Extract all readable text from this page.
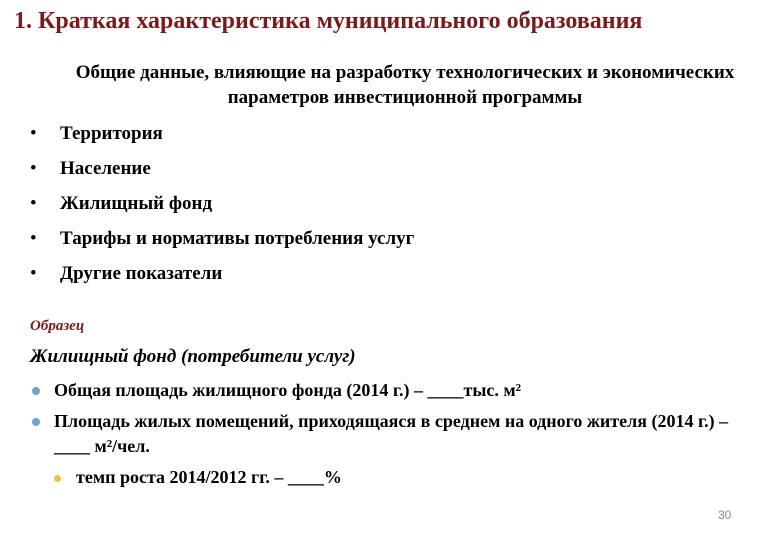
1. Краткая характеристика муниципального образования
Общие данные, влияющие на разработку технологических и экономических параметров инвестиционной программы
• Территория
• Население
• Жилищный фонд
• Тарифы и нормативы потребления услуг
• Другие показатели
Образец
Жилищный фонд (потребители услуг)
Общая площадь жилищного фонда (2014 г.) – ____тыс. м²
Площадь жилых помещений, приходящаяся в среднем на одного жителя (2014 г.) – ____ м²/чел.
темп роста 2014/2012 гг. – ____%
30
